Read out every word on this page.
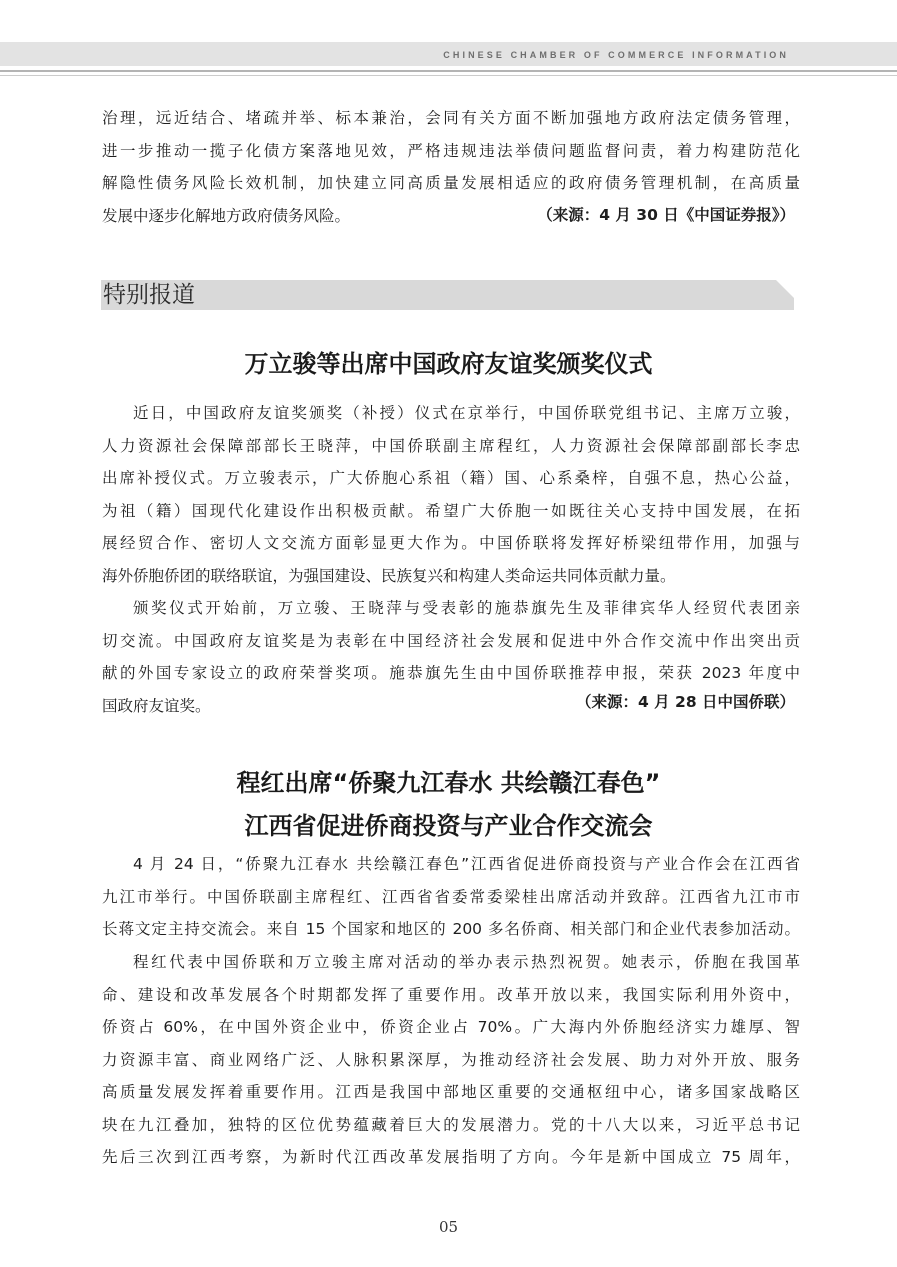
CHINESE CHAMBER OF COMMERCE INFORMATION

治理，远近结合、堵疏并举、标本兼治，会同有关方面不断加强地方政府法定债务管理，
进一步推动一揽子化债方案落地见效，严格违规违法举债问题监督问责，着力构建防范化
解隐性债务风险长效机制，加快建立同高质量发展相适应的政府债务管理机制，在高质量
发展中逐步化解地方政府债务风险。	（来源：4 月 30 日《中国证券报》）
特别报道
万立骏等出席中国政府友谊奖颁奖仪式

近日，中国政府友谊奖颁奖（补授）仪式在京举行，中国侨联党组书记、主席万立骏，
人力资源社会保障部部长王晓萍，中国侨联副主席程红，人力资源社会保障部副部长李忠
出席补授仪式。万立骏表示，广大侨胞心系祖（籍）国、心系桑梓，自强不息，热心公益，
为祖（籍）国现代化建设作出积极贡献。希望广大侨胞一如既往关心支持中国发展，在拓
展经贸合作、密切人文交流方面彰显更大作为。中国侨联将发挥好桥梁纽带作用，加强与
海外侨胞侨团的联络联谊，为强国建设、民族复兴和构建人类命运共同体贡献力量。

颁奖仪式开始前，万立骏、王晓萍与受表彰的施恭旗先生及菲律宾华人经贸代表团亲
切交流。中国政府友谊奖是为表彰在中国经济社会发展和促进中外合作交流中作出突出贡
献的外国专家设立的政府荣誉奖项。施恭旗先生由中国侨联推荐申报，荣获 2023 年度中
国政府友谊奖。	（来源：4 月 28 日中国侨联）
程红出席“侨聚九江春水 共绘赣江春色”
江西省促进侨商投资与产业合作交流会

4 月 24 日，“侨聚九江春水 共绘赣江春色”江西省促进侨商投资与产业合作会在江西省
九江市举行。中国侨联副主席程红、江西省省委常委梁桂出席活动并致辞。江西省九江市市
长蒋文定主持交流会。来自 15 个国家和地区的 200 多名侨商、相关部门和企业代表参加活动。

程红代表中国侨联和万立骏主席对活动的举办表示热烈祝贺。她表示，侨胞在我国革
命、建设和改革发展各个时期都发挥了重要作用。改革开放以来，我国实际利用外资中，
侨资占 60%，在中国外资企业中，侨资企业占 70%。广大海内外侨胞经济实力雄厚、智
力资源丰富、商业网络广泛、人脉积累深厚，为推动经济社会发展、助力对外开放、服务
高质量发展发挥着重要作用。江西是我国中部地区重要的交通枢纽中心，诸多国家战略区
块在九江叠加，独特的区位优势蕴藏着巨大的发展潜力。党的十八大以来，习近平总书记
先后三次到江西考察，为新时代江西改革发展指明了方向。今年是新中国成立 75 周年，

05
